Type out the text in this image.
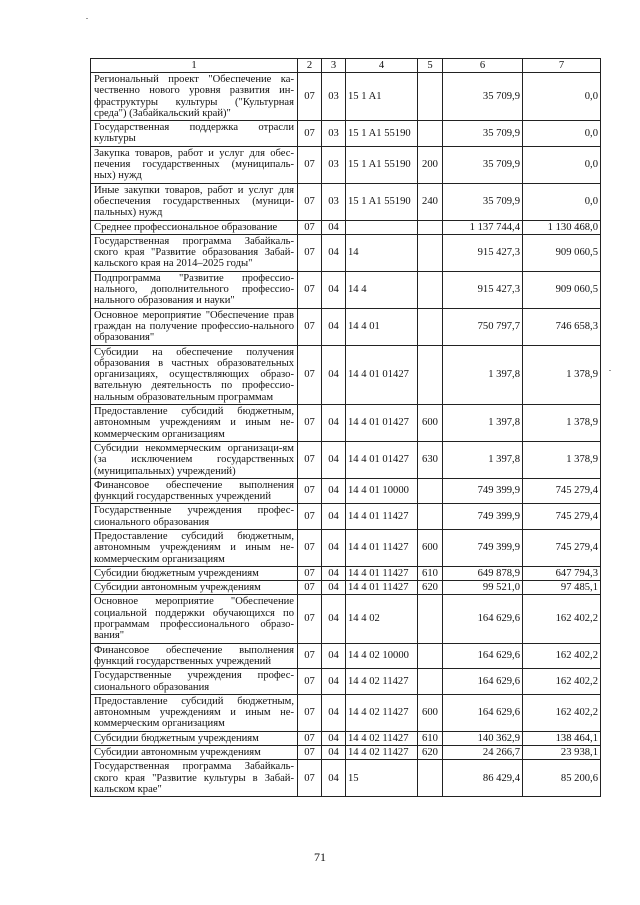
1	2	3	4	5	6	7
Региональный проект "Обеспечение ка-чественно нового уровня развития ин-фраструктуры культуры ("Культурная среда") (Забайкальский край)"	07	03	15 1 A1		35 709,9	0,0
Государственная поддержка отрасли культуры	07	03	15 1 A1 55190		35 709,9	0,0
Закупка товаров, работ и услуг для обес-печения государственных (муниципаль-ных) нужд	07	03	15 1 A1 55190	200	35 709,9	0,0
Иные закупки товаров, работ и услуг для обеспечения государственных (муници-пальных) нужд	07	03	15 1 A1 55190	240	35 709,9	0,0
Среднее профессиональное образование	07	04			1 137 744,4	1 130 468,0
Государственная программа Забайкаль-ского края "Развитие образования Забай-кальского края на 2014–2025 годы"	07	04	14		915 427,3	909 060,5
Подпрограмма "Развитие профессио-нального, дополнительного профессио-нального образования и науки"	07	04	14 4		915 427,3	909 060,5
Основное мероприятие "Обеспечение прав граждан на получение профессио-нального образования"	07	04	14 4 01		750 797,7	746 658,3
Субсидии на обеспечение получения образования в частных образовательных организациях, осуществляющих образо-вательную деятельность по профессио-нальным образовательным программам	07	04	14 4 01 01427		1 397,8	1 378,9
Предоставление субсидий бюджетным, автономным учреждениям и иным не-коммерческим организациям	07	04	14 4 01 01427	600	1 397,8	1 378,9
Субсидии некоммерческим организаци-ям (за исключением государственных (муниципальных) учреждений)	07	04	14 4 01 01427	630	1 397,8	1 378,9
Финансовое обеспечение выполнения функций государственных учреждений	07	04	14 4 01 10000		749 399,9	745 279,4
Государственные учреждения профес-сионального образования	07	04	14 4 01 11427		749 399,9	745 279,4
Предоставление субсидий бюджетным, автономным учреждениям и иным не-коммерческим организациям	07	04	14 4 01 11427	600	749 399,9	745 279,4
Субсидии бюджетным учреждениям	07	04	14 4 01 11427	610	649 878,9	647 794,3
Субсидии автономным учреждениям	07	04	14 4 01 11427	620	99 521,0	97 485,1
Основное мероприятие "Обеспечение социальной поддержки обучающихся по программам профессионального образо-вания"	07	04	14 4 02		164 629,6	162 402,2
Финансовое обеспечение выполнения функций государственных учреждений	07	04	14 4 02 10000		164 629,6	162 402,2
Государственные учреждения профес-сионального образования	07	04	14 4 02 11427		164 629,6	162 402,2
Предоставление субсидий бюджетным, автономным учреждениям и иным не-коммерческим организациям	07	04	14 4 02 11427	600	164 629,6	162 402,2
Субсидии бюджетным учреждениям	07	04	14 4 02 11427	610	140 362,9	138 464,1
Субсидии автономным учреждениям	07	04	14 4 02 11427	620	24 266,7	23 938,1
Государственная программа Забайкаль-ского края "Развитие культуры в Забай-кальском крае"	07	04	15		86 429,4	85 200,6
71
